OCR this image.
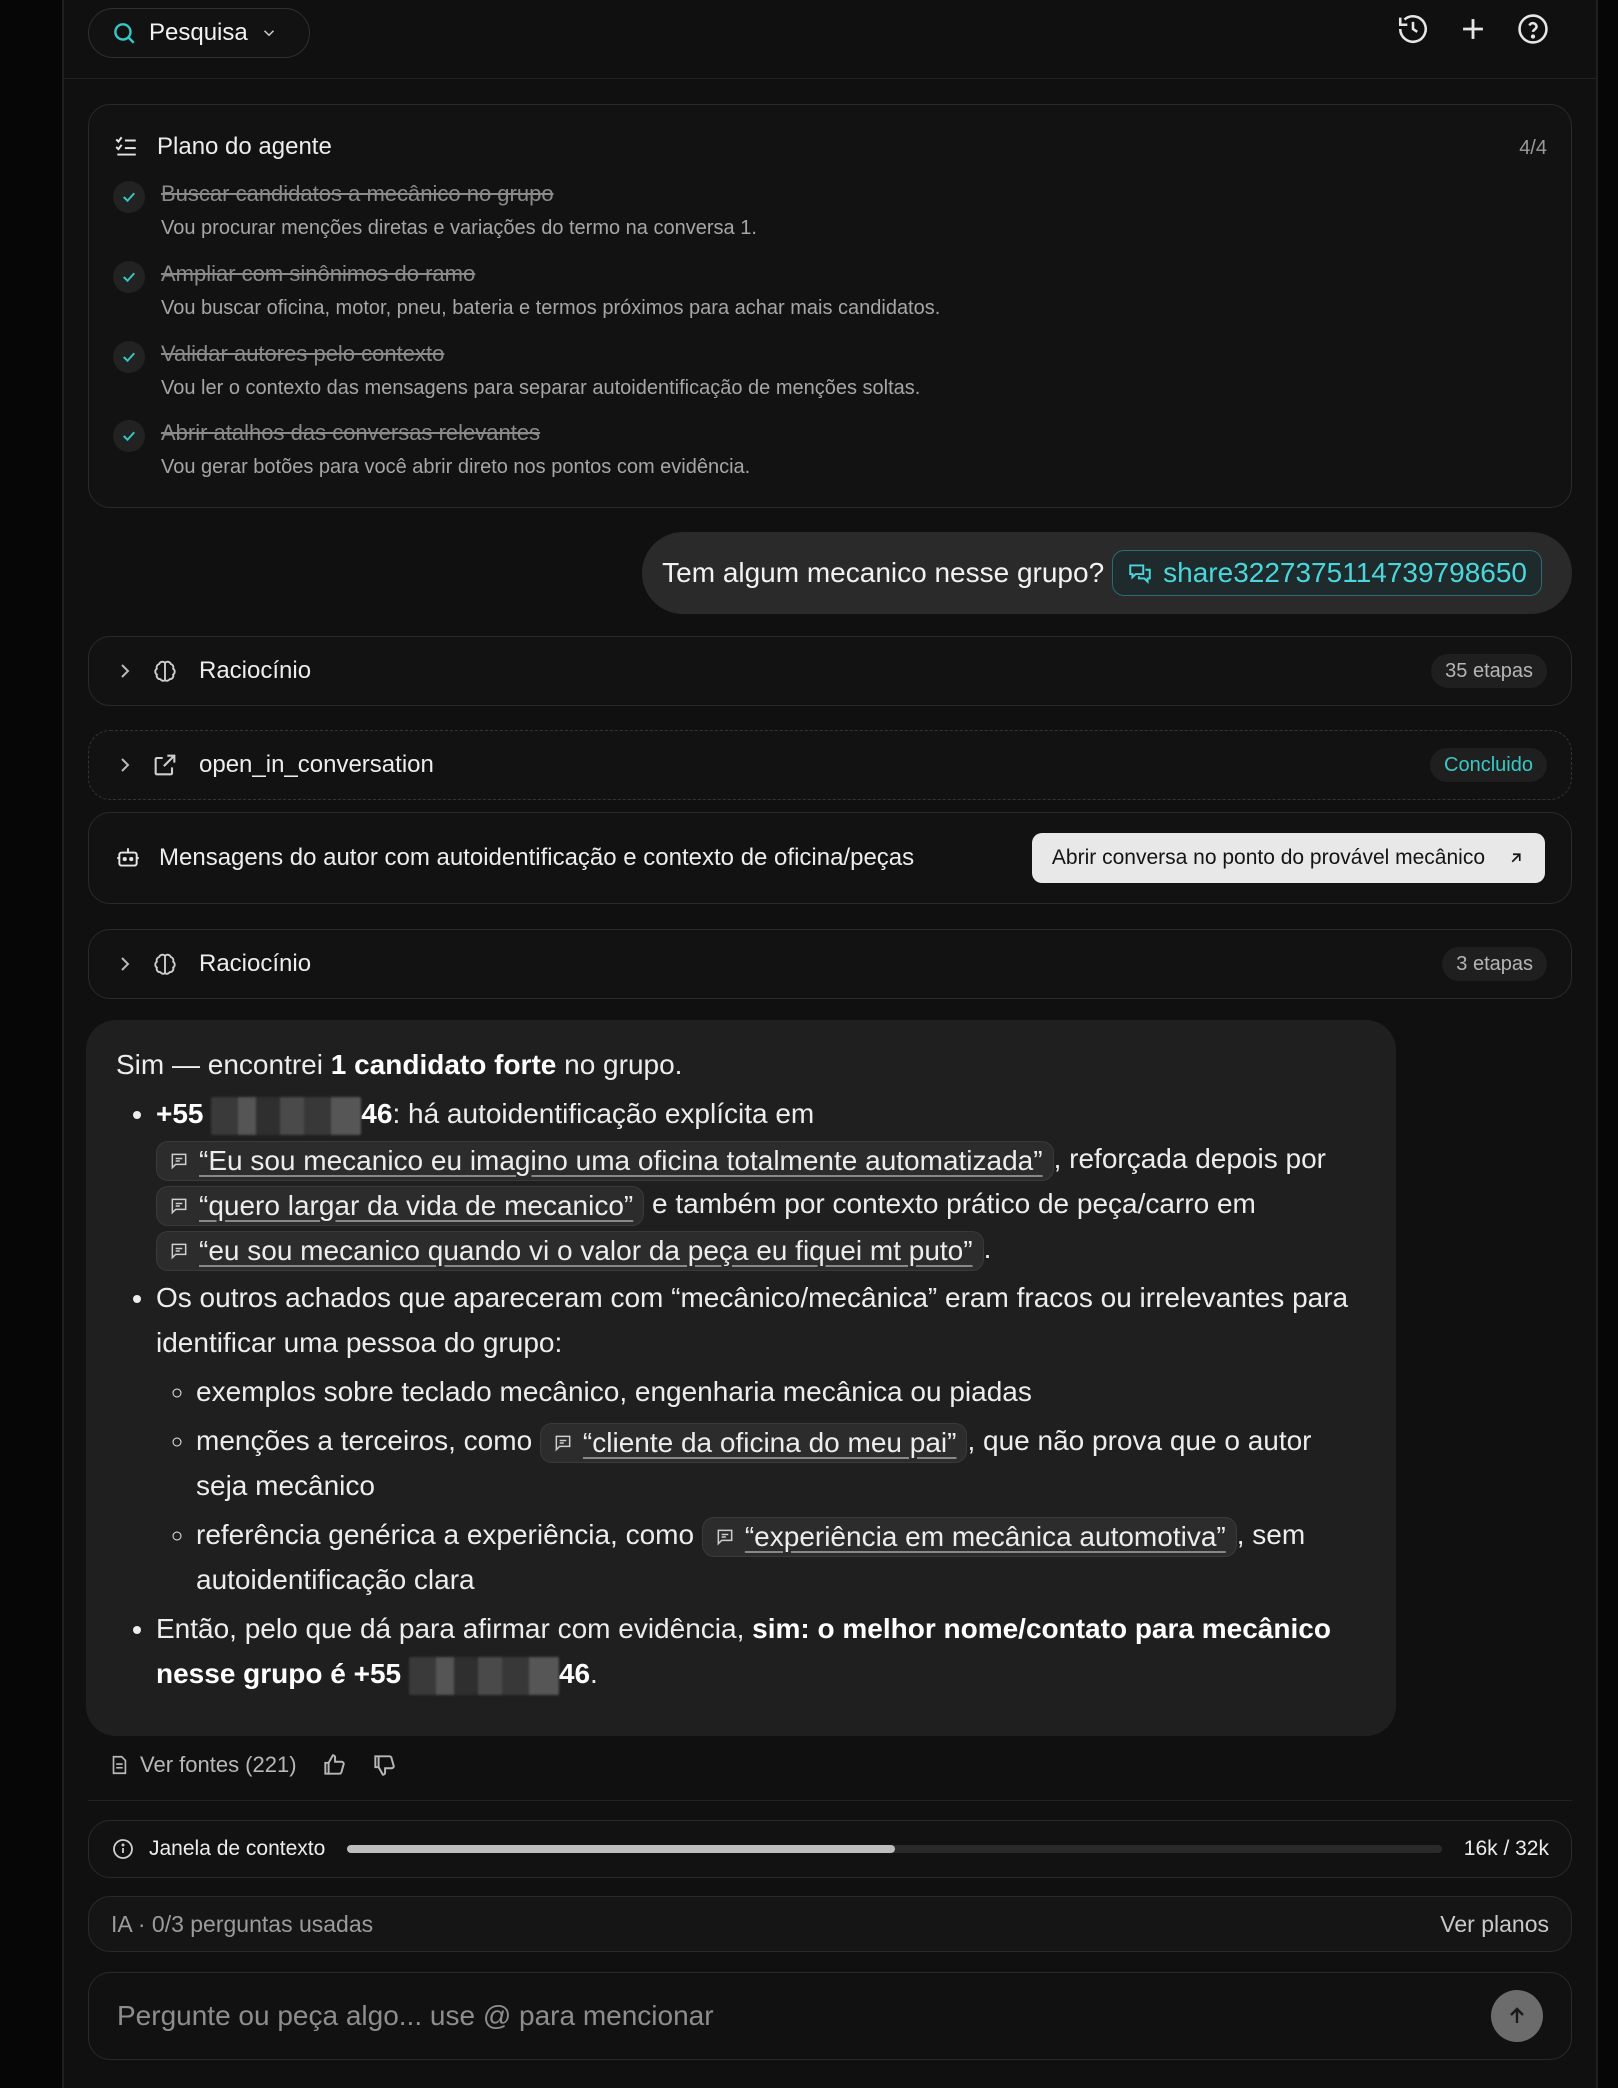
Pesquisa
Plano do agente	4/4
Buscar candidatos a mecânico no grupo
Vou procurar menções diretas e variações do termo na conversa 1.
Ampliar com sinônimos do ramo
Vou buscar oficina, motor, pneu, bateria e termos próximos para achar mais candidatos.
Validar autores pelo contexto
Vou ler o contexto das mensagens para separar autoidentificação de menções soltas.
Abrir atalhos das conversas relevantes
Vou gerar botões para você abrir direto nos pontos com evidência.
Tem algum mecanico nesse grupo? share3227375114739798650
Raciocínio	35 etapas
open_in_conversation	Concluido
Mensagens do autor com autoidentificação e contexto de oficina/peças	Abrir conversa no ponto do provável mecânico
Raciocínio	3 etapas

Sim — encontrei 1 candidato forte no grupo.

• +55	46: há autoidentificação explícita em
“Eu sou mecanico eu imagino uma oficina totalmente automatizada” , reforçada depois por
“quero largar da vida de mecanico” e também por contexto prático de peça/carro em
“eu sou mecanico quando vi o valor da peça eu fiquei mt puto” .
• Os outros achados que apareceram com “mecânico/mecânica” eram fracos ou irrelevantes para identificar uma pessoa do grupo:
◦ exemplos sobre teclado mecânico, engenharia mecânica ou piadas
◦ menções a terceiros, como “cliente da oficina do meu pai” , que não prova que o autor seja mecânico
◦ referência genérica a experiência, como “experiência em mecânica automotiva” , sem autoidentificação clara
• Então, pelo que dá para afirmar com evidência, sim: o melhor nome/contato para mecânico nesse grupo é +55	46.
Ver fontes (221)
Janela de contexto	16k / 32k
IA · 0/3 perguntas usadas	Ver planos
Pergunte ou peça algo... use @ para mencionar
